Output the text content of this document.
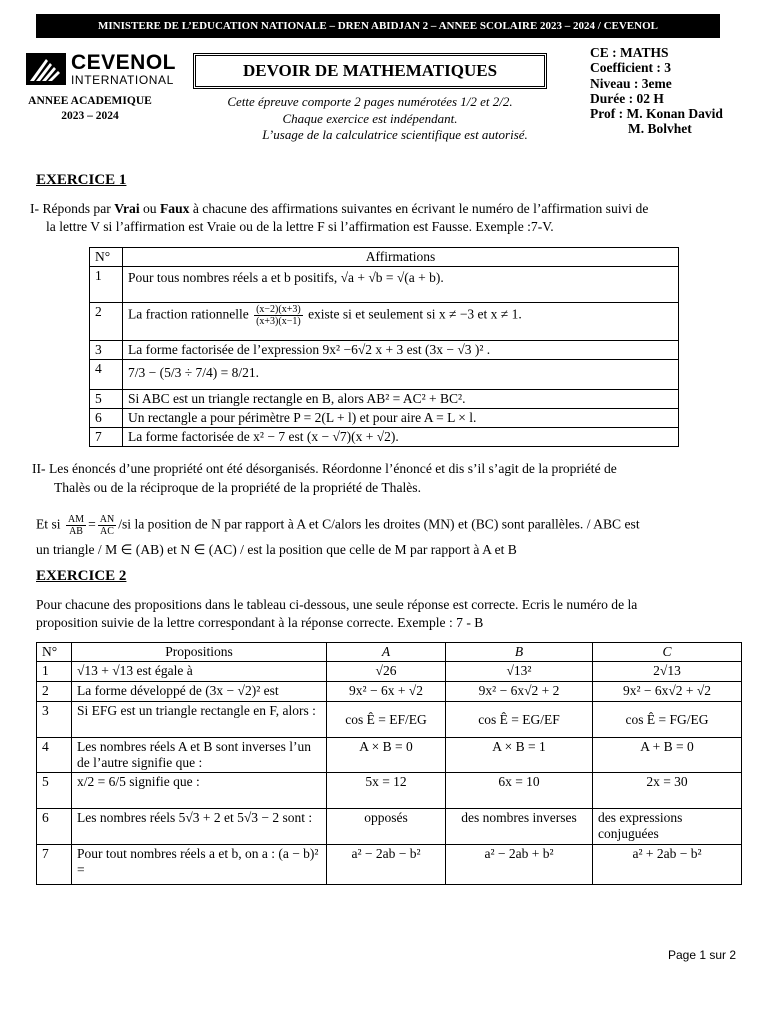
MINISTERE DE L’EDUCATION NATIONALE – DREN ABIDJAN 2 – ANNEE SCOLAIRE 2023 – 2024 / CEVENOL
CEVENOL
INTERNATIONAL
ANNEE ACADEMIQUE
2023 – 2024
DEVOIR DE MATHEMATIQUES
Cette épreuve comporte 2 pages numérotées 1/2 et 2/2.
Chaque exercice est indépendant.
L’usage de la calculatrice scientifique est autorisé.
CE : MATHS
Coefficient : 3
Niveau : 3eme
Durée : 02 H
Prof : M. Konan David
M. Bolvhet
EXERCICE 1
I- Réponds par Vrai ou Faux à chacune des affirmations suivantes en écrivant le numéro de l’affirmation suivi de
la lettre V si l’affirmation est Vraie ou de la lettre F si l’affirmation est Fausse. Exemple :7-V.
N°	Affirmations
1	Pour tous nombres réels a et b positifs, √a + √b = √(a + b).
2	La fraction rationnelle $\frac{(x-2)(x+3)}{(x+3)(x-1)}$ existe si et seulement si x ≠ −3 et x ≠ 1.
3	La forme factorisée de l’expression 9x² −6√2 x + 3 est (3x − √3 )² .
4	7/3 − (5/3 ÷ 7/4) = 8/21.
5	Si ABC est un triangle rectangle en B, alors AB² = AC² + BC².
6	Un rectangle a pour périmètre P = 2(L + l) et pour aire A = L × l.
7	La forme factorisée de x² − 7 est (x − √7)(x + √2).
II- Les énoncés d’une propriété ont été désorganisés. Réordonne l’énoncé et dis s’il s’agit de la propriété de
Thalès ou de la réciproque de la propriété de la propriété de Thalès.
Et si $\frac{AM}{AB} = \frac{AN}{AC} /si$ la position de N par rapport à A et C/alors les droites (MN) et (BC) sont parallèles. / ABC est
un triangle / M ∈ (AB) et N ∈ (AC) / est la position que celle de M par rapport à A et B
EXERCICE 2
Pour chacune des propositions dans le tableau ci-dessous, une seule réponse est correcte. Ecris le numéro de la
proposition suivie de la lettre correspondant à la réponse correcte. Exemple : 7 - B
N°	Propositions	A	B	C
1	√13 + √13 est égale à	√26	√13²	2√13
2	La forme développé de (3x − √2)² est	9x² − 6x + √2	9x² − 6x√2 + 2	9x² − 6x√2 + √2
3	Si EFG est un triangle rectangle en F, alors :	cos Ê = EF/EG	cos Ê = EG/EF	cos Ê = FG/EG
4	Les nombres réels A et B sont inverses l’un de l’autre signifie que :	A × B = 0	A × B = 1	A + B = 0
5	x/2 = 6/5 signifie que :	5x = 12	6x = 10	2x = 30
6	Les nombres réels 5√3 + 2 et 5√3 − 2 sont :	opposés	des nombres inverses	des expressions conjuguées
7	Pour tout nombres réels a et b, on a : (a − b)² =	a² − 2ab − b²	a² − 2ab + b²	a² + 2ab − b²
Page 1 sur 2
